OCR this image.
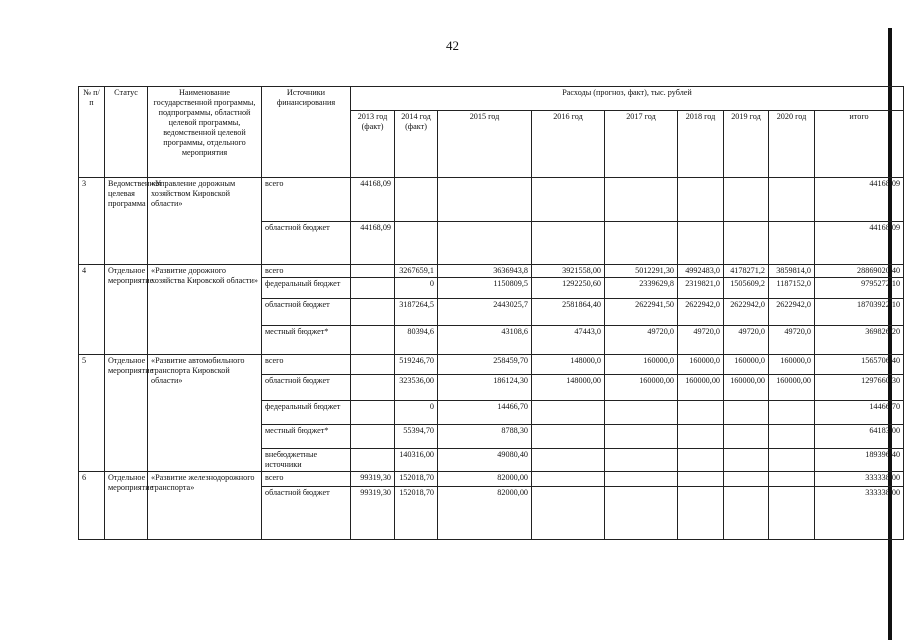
42
№ п/п	Статус	Наименование государственной программы, подпрограммы, областной целевой программы, ведомственной целевой программы, отдельного мероприятия	Источники финансирования	Расходы (прогноз, факт), тыс. рублей								
				2013 год (факт)	2014 год (факт)	2015 год	2016 год	2017 год	2018 год	2019 год	2020 год	итого
3	Ведомственная целевая программа	«Управление дорожным хозяйством Кировской области»	всего	44168,09								44168,09
			областной бюджет	44168,09								44168,09
4	Отдельное мероприятие	«Развитие дорожного хозяйства Кировской области»	всего		3267659,1	3636943,8	3921558,00	5012291,30	4992483,0	4178271,2	3859814,0	28869020,40
			федеральный бюджет		0	1150809,5	1292250,60	2339629,8	2319821,0	1505609,2	1187152,0	9795272,10
			областной бюджет		3187264,5	2443025,7	2581864,40	2622941,50	2622942,0	2622942,0	2622942,0	18703922,10
			местный бюджет*		80394,6	43108,6	47443,0	49720,0	49720,0	49720,0	49720,0	369826,20
5	Отдельное мероприятие	«Развитие автомобильного транспорта Кировской области»	всего		519246,70	258459,70	148000,0	160000,0	160000,0	160000,0	160000,0	1565706,40
			областной бюджет		323536,00	186124,30	148000,00	160000,00	160000,00	160000,00	160000,00	1297660,30
			федеральный бюджет		0	14466,70						14466,70
			местный бюджет*		55394,70	8788,30						64183,00
			внебюджетные источники		140316,00	49080,40						189396,40
6	Отдельное мероприятие	«Развитие железнодорожного транспорта»	всего	99319,30	152018,70	82000,00						333338,00
			областной бюджет	99319,30	152018,70	82000,00						333338,00
